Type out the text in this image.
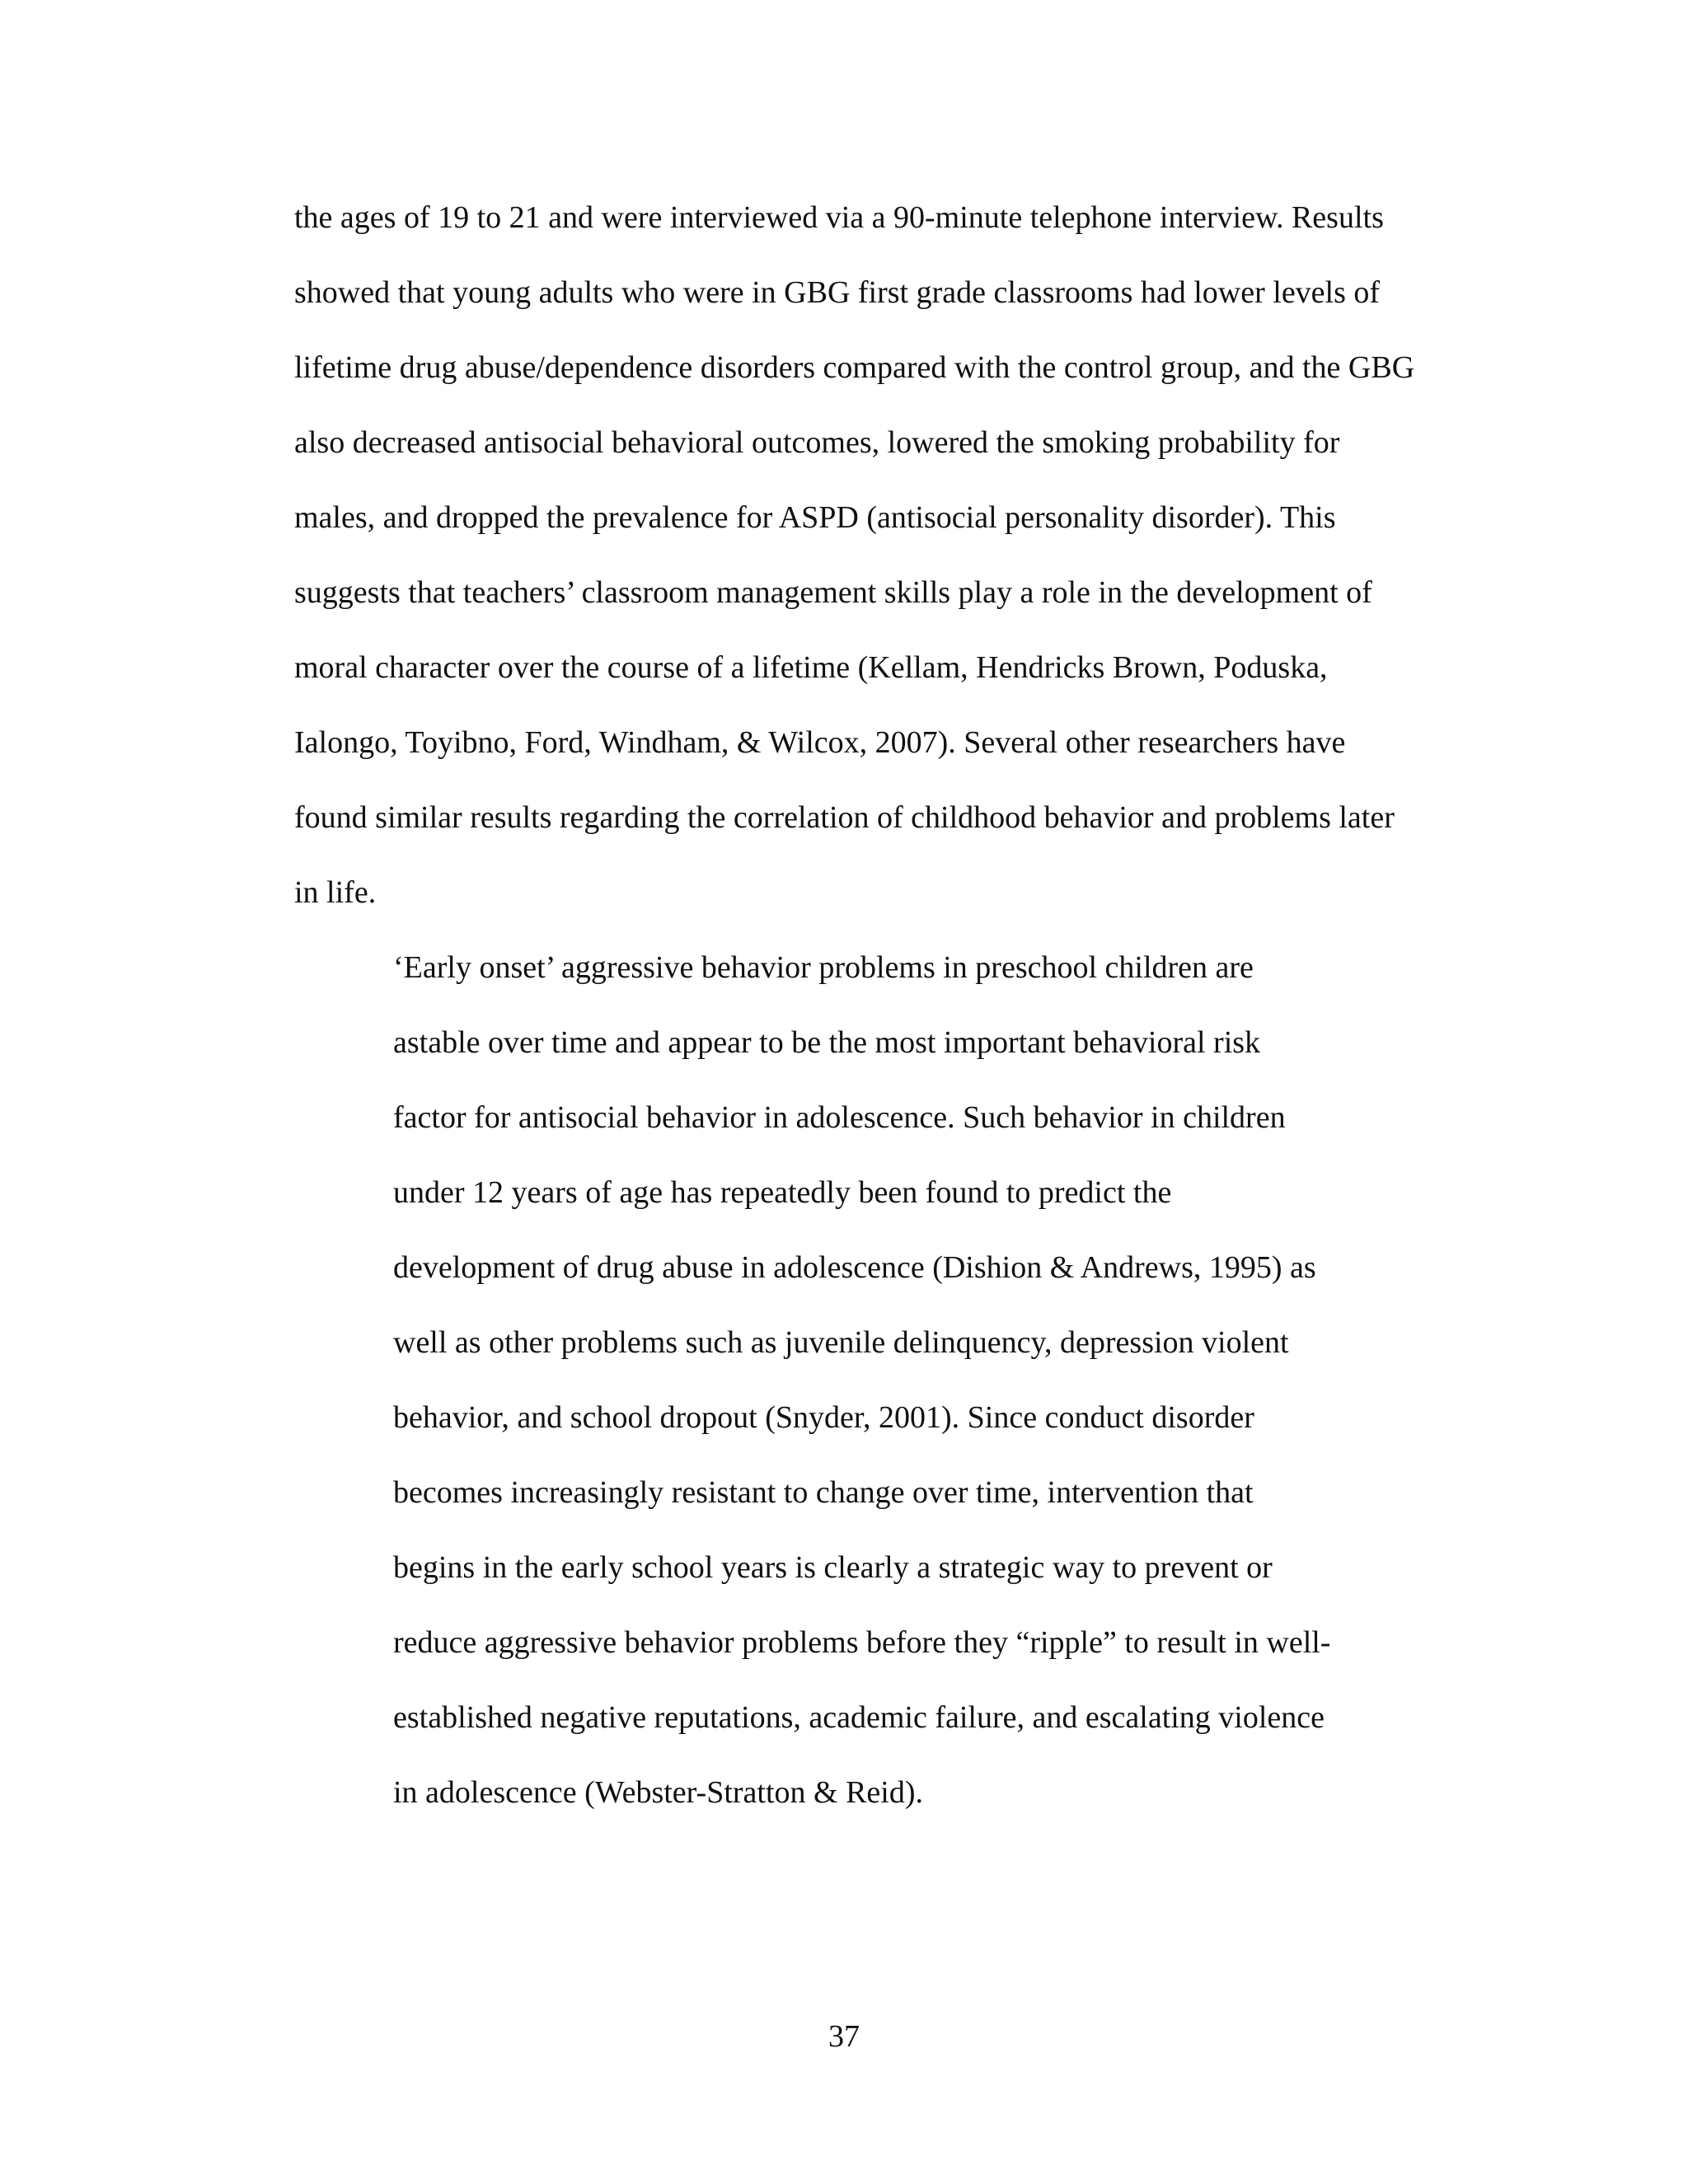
the ages of 19 to 21 and were interviewed via a 90-minute telephone interview. Results

showed that young adults who were in GBG first grade classrooms had lower levels of

lifetime drug abuse/dependence disorders compared with the control group, and the GBG

also decreased antisocial behavioral outcomes, lowered the smoking probability for

males, and dropped the prevalence for ASPD (antisocial personality disorder). This

suggests that teachers’ classroom management skills play a role in the development of

moral character over the course of a lifetime (Kellam, Hendricks Brown, Poduska,

Ialongo, Toyibno, Ford, Windham, & Wilcox, 2007). Several other researchers have

found similar results regarding the correlation of childhood behavior and problems later

in life.

‘Early onset’ aggressive behavior problems in preschool children are

astable over time and appear to be the most important behavioral risk

factor for antisocial behavior in adolescence. Such behavior in children

under 12 years of age has repeatedly been found to predict the

development of drug abuse in adolescence (Dishion & Andrews, 1995) as

well as other problems such as juvenile delinquency, depression violent

behavior, and school dropout (Snyder, 2001). Since conduct disorder

becomes increasingly resistant to change over time, intervention that

begins in the early school years is clearly a strategic way to prevent or

reduce aggressive behavior problems before they “ripple” to result in well-

established negative reputations, academic failure, and escalating violence

in adolescence (Webster-Stratton & Reid).

37
